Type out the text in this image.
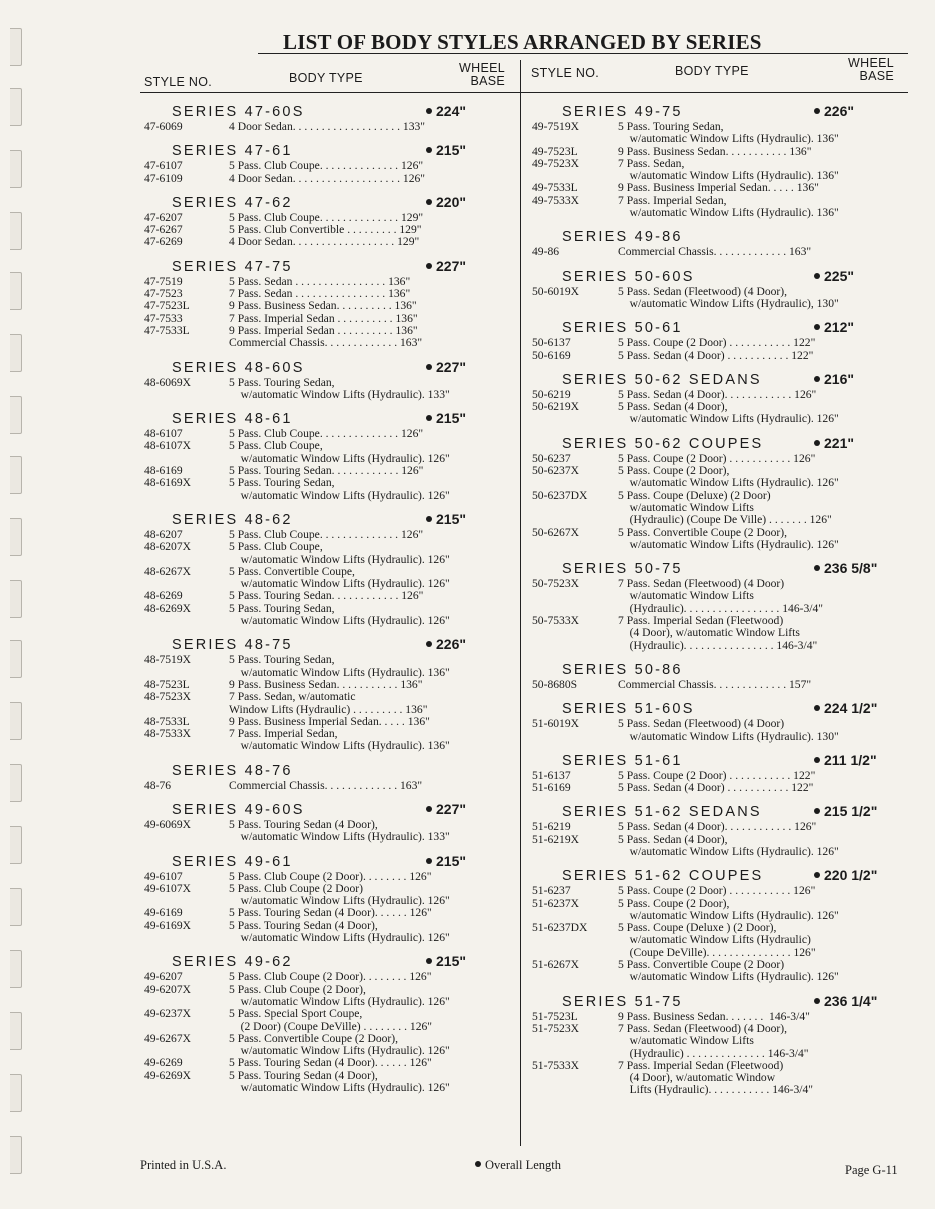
LIST OF BODY STYLES ARRANGED BY SERIES
STYLE NO.	BODY TYPE
WHEEL
BASE
STYLE NO.	BODY TYPE
WHEEL
BASE
SERIES 47-60S	224"
47-6069	4 Door Sedan. . . . . . . . . . . . . . . . . . . 133"
SERIES 47-61	215"
47-6107	5 Pass. Club Coupe. . . . . . . . . . . . . . 126"
47-6109	4 Door Sedan. . . . . . . . . . . . . . . . . . . 126"
SERIES 47-62	220"
47-6207	5 Pass. Club Coupe. . . . . . . . . . . . . . 129"
47-6267	5 Pass. Club Convertible . . . . . . . . . 129"
47-6269	4 Door Sedan. . . . . . . . . . . . . . . . . . 129"
SERIES 47-75	227"
47-7519	5 Pass. Sedan . . . . . . . . . . . . . . . . 136"
47-7523	7 Pass. Sedan . . . . . . . . . . . . . . . . 136"
47-7523L	9 Pass. Business Sedan. . . . . . . . . . 136"
47-7533	7 Pass. Imperial Sedan . . . . . . . . . . 136"
47-7533L	9 Pass. Imperial Sedan . . . . . . . . . . 136"
Commercial Chassis. . . . . . . . . . . . . 163"
SERIES 48-60S	227"
48-6069X	5 Pass. Touring Sedan,
w/automatic Window Lifts (Hydraulic). 133"
SERIES 48-61	215"
48-6107	5 Pass. Club Coupe. . . . . . . . . . . . . . 126"
48-6107X	5 Pass. Club Coupe,
w/automatic Window Lifts (Hydraulic). 126"
48-6169	5 Pass. Touring Sedan. . . . . . . . . . . . 126"
48-6169X	5 Pass. Touring Sedan,
w/automatic Window Lifts (Hydraulic). 126"
SERIES 48-62	215"
48-6207	5 Pass. Club Coupe. . . . . . . . . . . . . . 126"
48-6207X	5 Pass. Club Coupe,
w/automatic Window Lifts (Hydraulic). 126"
48-6267X	5 Pass. Convertible Coupe,
w/automatic Window Lifts (Hydraulic). 126"
48-6269	5 Pass. Touring Sedan. . . . . . . . . . . . 126"
48-6269X	5 Pass. Touring Sedan,
w/automatic Window Lifts (Hydraulic). 126"
SERIES 48-75	226"
48-7519X	5 Pass. Touring Sedan,
w/automatic Window Lifts (Hydraulic). 136"
48-7523L	9 Pass. Business Sedan. . . . . . . . . . . 136"
48-7523X	7 Pass. Sedan, w/automatic
Window Lifts (Hydraulic) . . . . . . . . . 136"
48-7533L	9 Pass. Business Imperial Sedan. . . . . 136"
48-7533X	7 Pass. Imperial Sedan,
w/automatic Window Lifts (Hydraulic). 136"
SERIES 48-76
48-76	Commercial Chassis. . . . . . . . . . . . . 163"
SERIES 49-60S	227"
49-6069X	5 Pass. Touring Sedan (4 Door),
w/automatic Window Lifts (Hydraulic). 133"
SERIES 49-61	215"
49-6107	5 Pass. Club Coupe (2 Door). . . . . . . . 126"
49-6107X	5 Pass. Club Coupe (2 Door)
w/automatic Window Lifts (Hydraulic). 126"
49-6169	5 Pass. Touring Sedan (4 Door). . . . . . 126"
49-6169X	5 Pass. Touring Sedan (4 Door),
w/automatic Window Lifts (Hydraulic). 126"
SERIES 49-62	215"
49-6207	5 Pass. Club Coupe (2 Door). . . . . . . . 126"
49-6207X	5 Pass. Club Coupe (2 Door),
w/automatic Window Lifts (Hydraulic). 126"
49-6237X	5 Pass. Special Sport Coupe,
(2 Door) (Coupe DeVille) . . . . . . . . 126"
49-6267X	5 Pass. Convertible Coupe (2 Door),
w/automatic Window Lifts (Hydraulic). 126"
49-6269	5 Pass. Touring Sedan (4 Door). . . . . . 126"
49-6269X	5 Pass. Touring Sedan (4 Door),
w/automatic Window Lifts (Hydraulic). 126"
SERIES 49-75	226"
49-7519X	5 Pass. Touring Sedan,
w/automatic Window Lifts (Hydraulic). 136"
49-7523L	9 Pass. Business Sedan. . . . . . . . . . . 136"
49-7523X	7 Pass. Sedan,
w/automatic Window Lifts (Hydraulic). 136"
49-7533L	9 Pass. Business Imperial Sedan. . . . . 136"
49-7533X	7 Pass. Imperial Sedan,
w/automatic Window Lifts (Hydraulic). 136"
SERIES 49-86
49-86	Commercial Chassis. . . . . . . . . . . . . 163"
SERIES 50-60S	225"
50-6019X	5 Pass. Sedan (Fleetwood) (4 Door),
w/automatic Window Lifts (Hydraulic), 130"
SERIES 50-61	212"
50-6137	5 Pass. Coupe (2 Door) . . . . . . . . . . . 122"
50-6169	5 Pass. Sedan (4 Door) . . . . . . . . . . . 122"
SERIES 50-62 SEDANS	216"
50-6219	5 Pass. Sedan (4 Door). . . . . . . . . . . . 126"
50-6219X	5 Pass. Sedan (4 Door),
w/automatic Window Lifts (Hydraulic). 126"
SERIES 50-62 COUPES	221"
50-6237	5 Pass. Coupe (2 Door) . . . . . . . . . . . 126"
50-6237X	5 Pass. Coupe (2 Door),
w/automatic Window Lifts (Hydraulic). 126"
50-6237DX	5 Pass. Coupe (Deluxe) (2 Door)
w/automatic Window Lifts
(Hydraulic) (Coupe De Ville) . . . . . . . 126"
50-6267X	5 Pass. Convertible Coupe (2 Door),
w/automatic Window Lifts (Hydraulic). 126"
SERIES 50-75	236 5/8"
50-7523X	7 Pass. Sedan (Fleetwood) (4 Door)
w/automatic Window Lifts
(Hydraulic). . . . . . . . . . . . . . . . . 146-3/4"
50-7533X	7 Pass. Imperial Sedan (Fleetwood)
(4 Door), w/automatic Window Lifts
(Hydraulic). . . . . . . . . . . . . . . . 146-3/4"
SERIES 50-86
50-8680S	Commercial Chassis. . . . . . . . . . . . . 157"
SERIES 51-60S	224 1/2"
51-6019X	5 Pass. Sedan (Fleetwood) (4 Door)
w/automatic Window Lifts (Hydraulic). 130"
SERIES 51-61	211 1/2"
51-6137	5 Pass. Coupe (2 Door) . . . . . . . . . . . 122"
51-6169	5 Pass. Sedan (4 Door) . . . . . . . . . . . 122"
SERIES 51-62 SEDANS	215 1/2"
51-6219	5 Pass. Sedan (4 Door). . . . . . . . . . . . 126"
51-6219X	5 Pass. Sedan (4 Door),
w/automatic Window Lifts (Hydraulic). 126"
SERIES 51-62 COUPES	220 1/2"
51-6237	5 Pass. Coupe (2 Door) . . . . . . . . . . . 126"
51-6237X	5 Pass. Coupe (2 Door),
w/automatic Window Lifts (Hydraulic). 126"
51-6237DX	5 Pass. Coupe (Deluxe ) (2 Door),
w/automatic Window Lifts (Hydraulic)
(Coupe DeVille). . . . . . . . . . . . . . . 126"
51-6267X	5 Pass. Convertible Coupe (2 Door)
w/automatic Window Lifts (Hydraulic). 126"
SERIES 51-75	236 1/4"
51-7523L	9 Pass. Business Sedan. . . . . . .  146-3/4"
51-7523X	7 Pass. Sedan (Fleetwood) (4 Door),
w/automatic Window Lifts
(Hydraulic) . . . . . . . . . . . . . . 146-3/4"
51-7533X	7 Pass. Imperial Sedan (Fleetwood)
(4 Door), w/automatic Window
Lifts (Hydraulic). . . . . . . . . . . 146-3/4"
Printed in U.S.A.	Overall Length	Page G-11
